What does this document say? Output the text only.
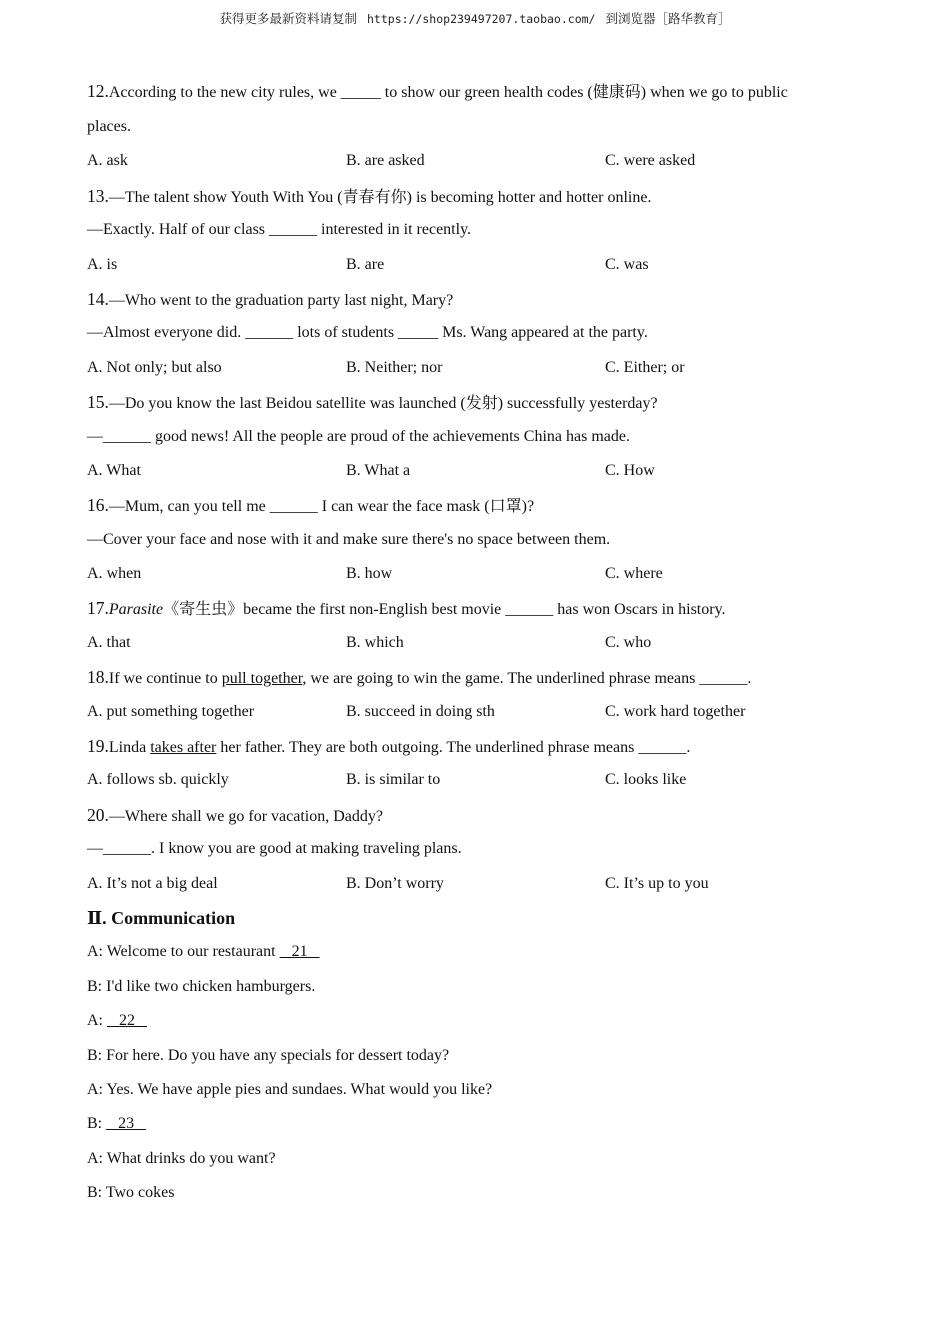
获得更多最新资料请复制 https://shop239497207.taobao.com/ 到浏览器［路华教育］
12.According to the new city rules, we _____ to show our green health codes (健康码) when we go to public
places.
A. ask	B. are asked	C. were asked
13.—The talent show Youth With You (青春有你) is becoming hotter and hotter online.
—Exactly. Half of our class ______ interested in it recently.
A. is	B. are	C. was
14.—Who went to the graduation party last night, Mary?
—Almost everyone did. ______ lots of students _____ Ms. Wang appeared at the party.
A. Not only; but also	B. Neither; nor	C. Either; or
15.—Do you know the last Beidou satellite was launched (发射) successfully yesterday?
—______ good news! All the people are proud of the achievements China has made.
A. What	B. What a	C. How
16.—Mum, can you tell me ______ I can wear the face mask (口罩)?
—Cover your face and nose with it and make sure there's no space between them.
A. when	B. how	C. where
17.Parasite《寄生虫》became the first non-English best movie ______ has won Oscars in history.
A. that	B. which	C. who
18.If we continue to pull together, we are going to win the game. The underlined phrase means ______.
A. put something together	B. succeed in doing sth	C. work hard together
19.Linda takes after her father. They are both outgoing. The underlined phrase means ______.
A. follows sb. quickly	B. is similar to	C. looks like
20.—Where shall we go for vacation, Daddy?
—______. I know you are good at making traveling plans.
A. It’s not a big deal	B. Don’t worry	C. It’s up to you
Ⅱ. Communication
A: Welcome to our restaurant    21
B: I'd like two chicken hamburgers.
A:    22
B: For here. Do you have any specials for dessert today?
A: Yes. We have apple pies and sundaes. What would you like?
B:    23
A: What drinks do you want?
B: Two cokes
